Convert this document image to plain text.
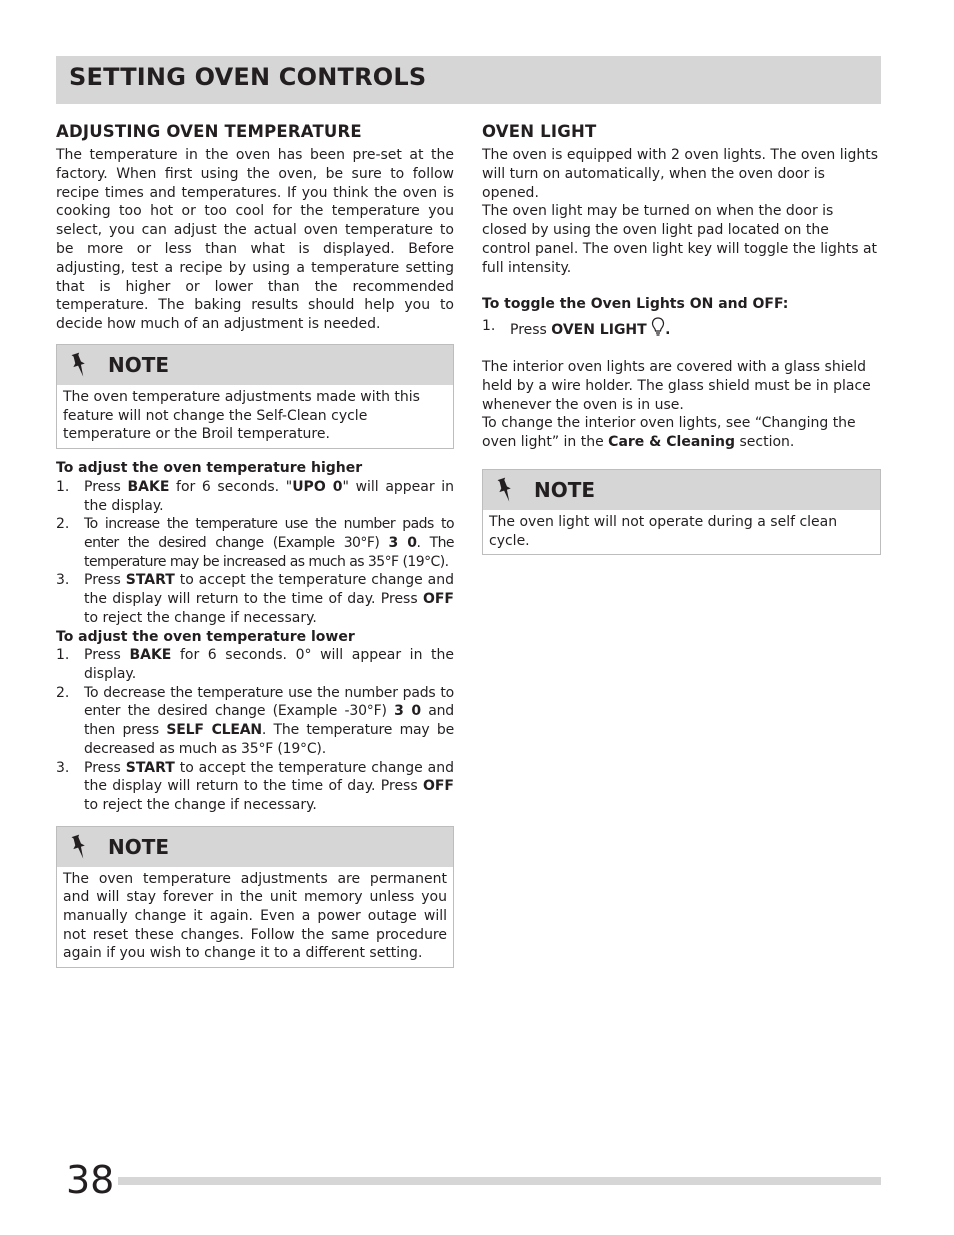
SETTING OVEN CONTROLS
ADJUSTING OVEN TEMPERATURE

The temperature in the oven has been pre-set at the factory. When first using the oven, be sure to follow recipe times and temperatures. If you think the oven is cooking too hot or too cool for the temperature you select, you can adjust the actual oven temperature to be more or less than what is displayed. Before adjusting, test a recipe by using a temperature setting that is higher or lower than the recommended temperature. The baking results should help you to decide how much of an adjustment is needed.

NOTE
The oven temperature adjustments made with this feature will not change the Self-Clean cycle temperature or the Broil temperature.

To adjust the oven temperature higher

1. Press BAKE for 6 seconds. "UPO 0" will appear in the display.
2. To increase the temperature use the number pads to enter the desired change (Example 30°F) 3 0. The temperature may be increased as much as 35°F (19°C).
3. Press START to accept the temperature change and the display will return to the time of day. Press OFF to reject the change if necessary.

To adjust the oven temperature lower

1. Press BAKE for 6 seconds. 0° will appear in the display.
2. To decrease the temperature use the number pads to enter the desired change (Example -30°F) 3 0 and then press SELF CLEAN. The temperature may be decreased as much as 35°F (19°C).
3. Press START to accept the temperature change and the display will return to the time of day. Press OFF to reject the change if necessary.
NOTE
The oven temperature adjustments are permanent and will stay forever in the unit memory unless you manually change it again. Even a power outage will not reset these changes. Follow the same procedure again if you wish to change it to a different setting.
OVEN LIGHT

The oven is equipped with 2 oven lights. The oven lights will turn on automatically, when the oven door is opened.

The oven light may be turned on when the door is closed by using the oven light pad located on the control panel. The oven light key will toggle the lights at full intensity.

To toggle the Oven Lights ON and OFF:

1. Press OVEN LIGHT .

The interior oven lights are covered with a glass shield held by a wire holder. The glass shield must be in place whenever the oven is in use.

To change the interior oven lights, see “Changing the oven light” in the Care & Cleaning section.

NOTE
The oven light will not operate during a self clean cycle.
38
